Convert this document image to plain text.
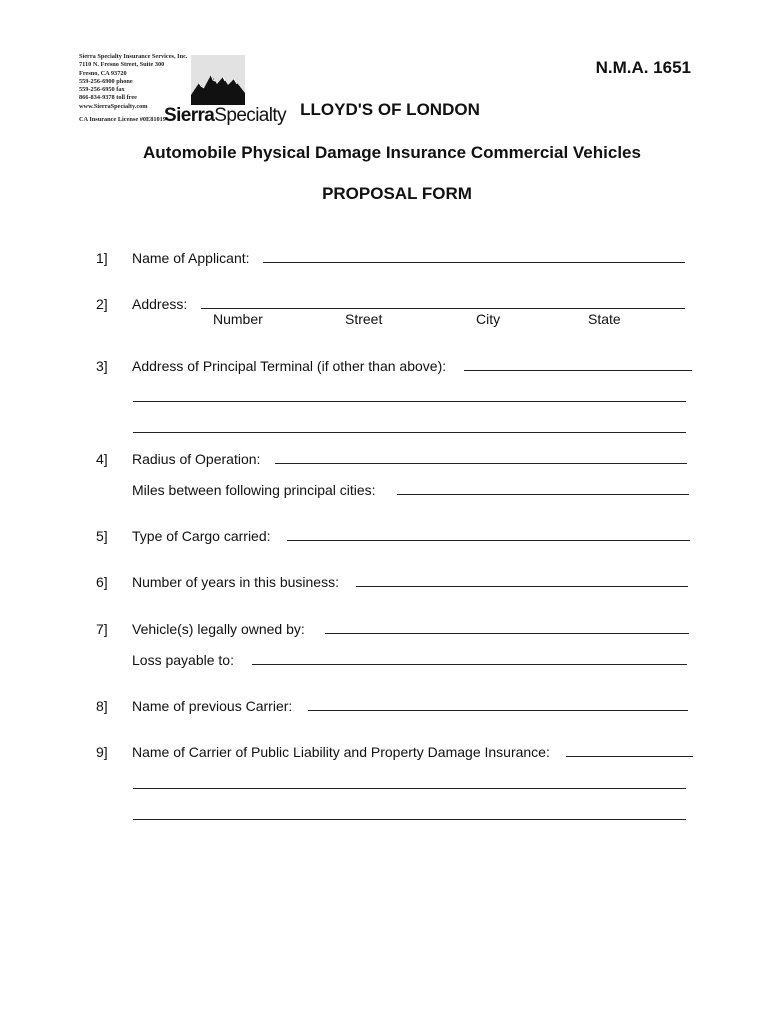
Sierra Specialty Insurance Services, Inc.
7110 N. Fresno Street, Suite 300
Fresno, CA 93720
559-256-6900 phone
559-256-6950 fax
866-834-9378 toll free
www.SierraSpecialty.com
CA Insurance License #0E81019
SierraSpecialty
N.M.A. 1651
LLOYD'S OF LONDON
Automobile Physical Damage Insurance Commercial Vehicles
PROPOSAL FORM
1] Name of Applicant:
2] Address:
Number	Street	City	State
3] Address of Principal Terminal (if other than above):
4] Radius of Operation:
Miles between following principal cities:
5] Type of Cargo carried:
6] Number of years in this business:
7] Vehicle(s) legally owned by:
Loss payable to:
8] Name of previous Carrier:
9] Name of Carrier of Public Liability and Property Damage Insurance:
